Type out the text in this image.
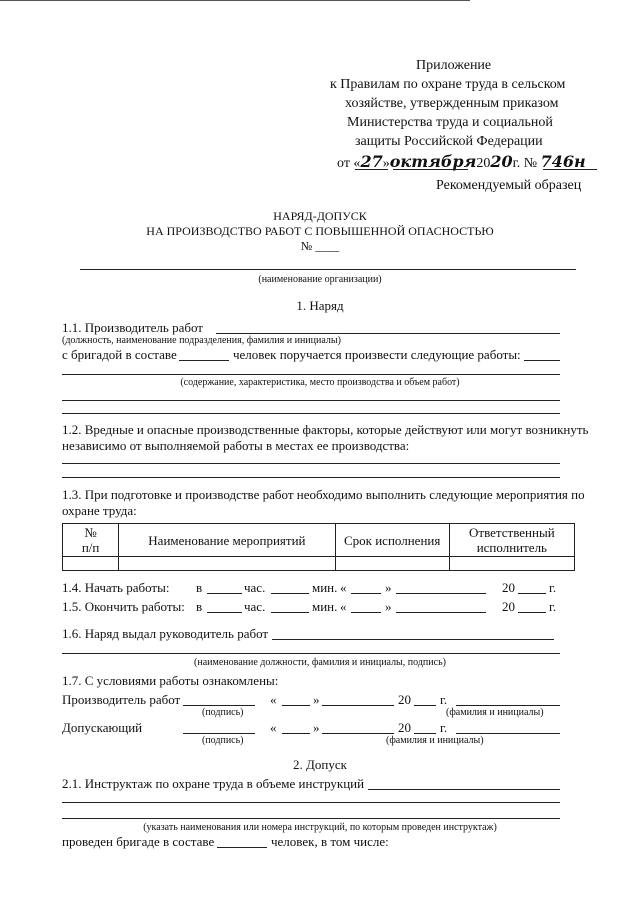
Приложение
к Правилам по охране труда в сельском
хозяйстве, утвержденным приказом
Министерства труда и социальной
защиты Российской Федерации
от «27»октября2020г. № 746н
Рекомендуемый образец
НАРЯД-ДОПУСК
НА ПРОИЗВОДСТВО РАБОТ С ПОВЫШЕННОЙ ОПАСНОСТЬЮ
№ ____
(наименование организации)
1. Наряд
1.1. Производитель работ
(должность, наименование подразделения, фамилия и инициалы)
с бригадой в составе	человек поручается произвести следующие работы:
(содержание, характеристика, место производства и объем работ)
1.2. Вредные и опасные производственные факторы, которые действуют или могут возникнуть
независимо от выполняемой работы в местах ее производства:
1.3. При подготовке и производстве работ необходимо выполнить следующие мероприятия по
охране труда:
№
п/п	Наименование мероприятий	Срок исполнения	Ответственный
исполнитель

1.4. Начать работы: в	час.	мин. «	»	20	г.
1.5. Окончить работы: в	час.	мин. «	»	20	г.
1.6. Наряд выдал руководитель работ
(наименование должности, фамилия и инициалы, подпись)
1.7. С условиями работы ознакомлены:
Производитель работ	«	»	20 г.
(подпись)	(фамилия и инициалы)
Допускающий	«	»	20 г.
(подпись)	(фамилия и инициалы)
2. Допуск
2.1. Инструктаж по охране труда в объеме инструкций
(указать наименования или номера инструкций, по которым проведен инструктаж)
проведен бригаде в составе	человек, в том числе:
